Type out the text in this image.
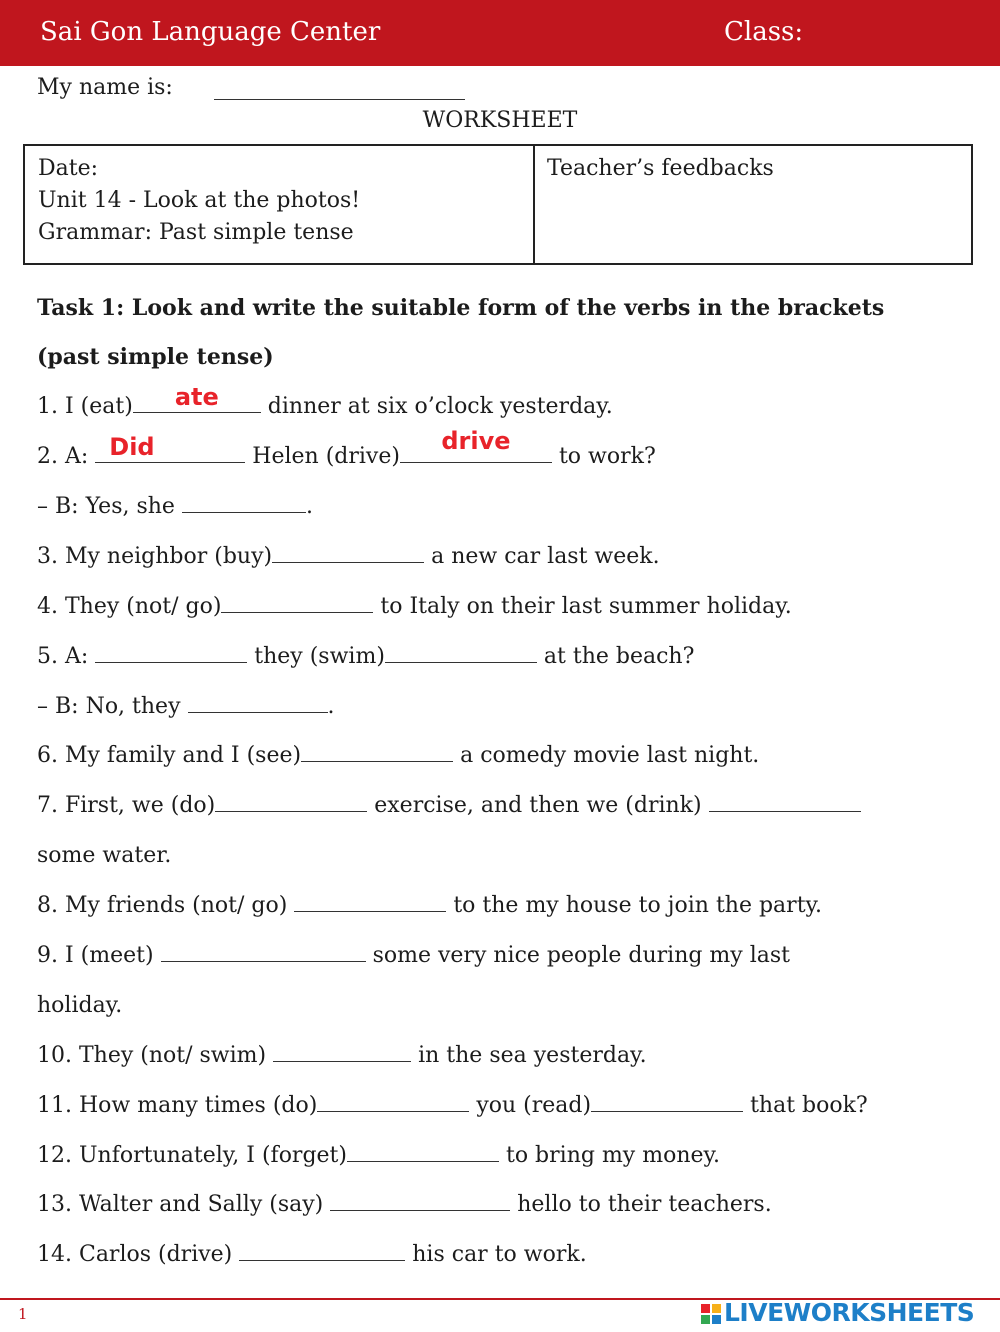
Sai Gon Language Center	Class:
My name is:
WORKSHEET
Date:
Unit 14 - Look at the photos!
Grammar: Past simple tense
Teacher’s feedbacks
Task 1: Look and write the suitable form of the verbs in the brackets (past simple tense)
1. I (eat)	ate	dinner at six o’clock yesterday.
2. A: Did	Helen (drive)
drive
to work?
– B: Yes, she	.
3. My neighbor (buy)	a new car last week.
4. They (not/ go)	to Italy on their last summer holiday.
5. A:	they (swim)	at the beach?
– B: No, they	.
6. My family and I (see)	a comedy movie last night.
7. First, we (do)	exercise, and then we (drink)
some water.
8. My friends (not/ go)	to the my house to join the party.
9. I (meet)	some very nice people during my last
holiday.
10. They (not/ swim)	in the sea yesterday.
11. How many times (do)	you (read)	that book?
12. Unfortunately, I (forget)	to bring my money.
13. Walter and Sally (say)	hello to their teachers.
14. Carlos (drive)	his car to work.
1	LIVEWORKSHEETS
